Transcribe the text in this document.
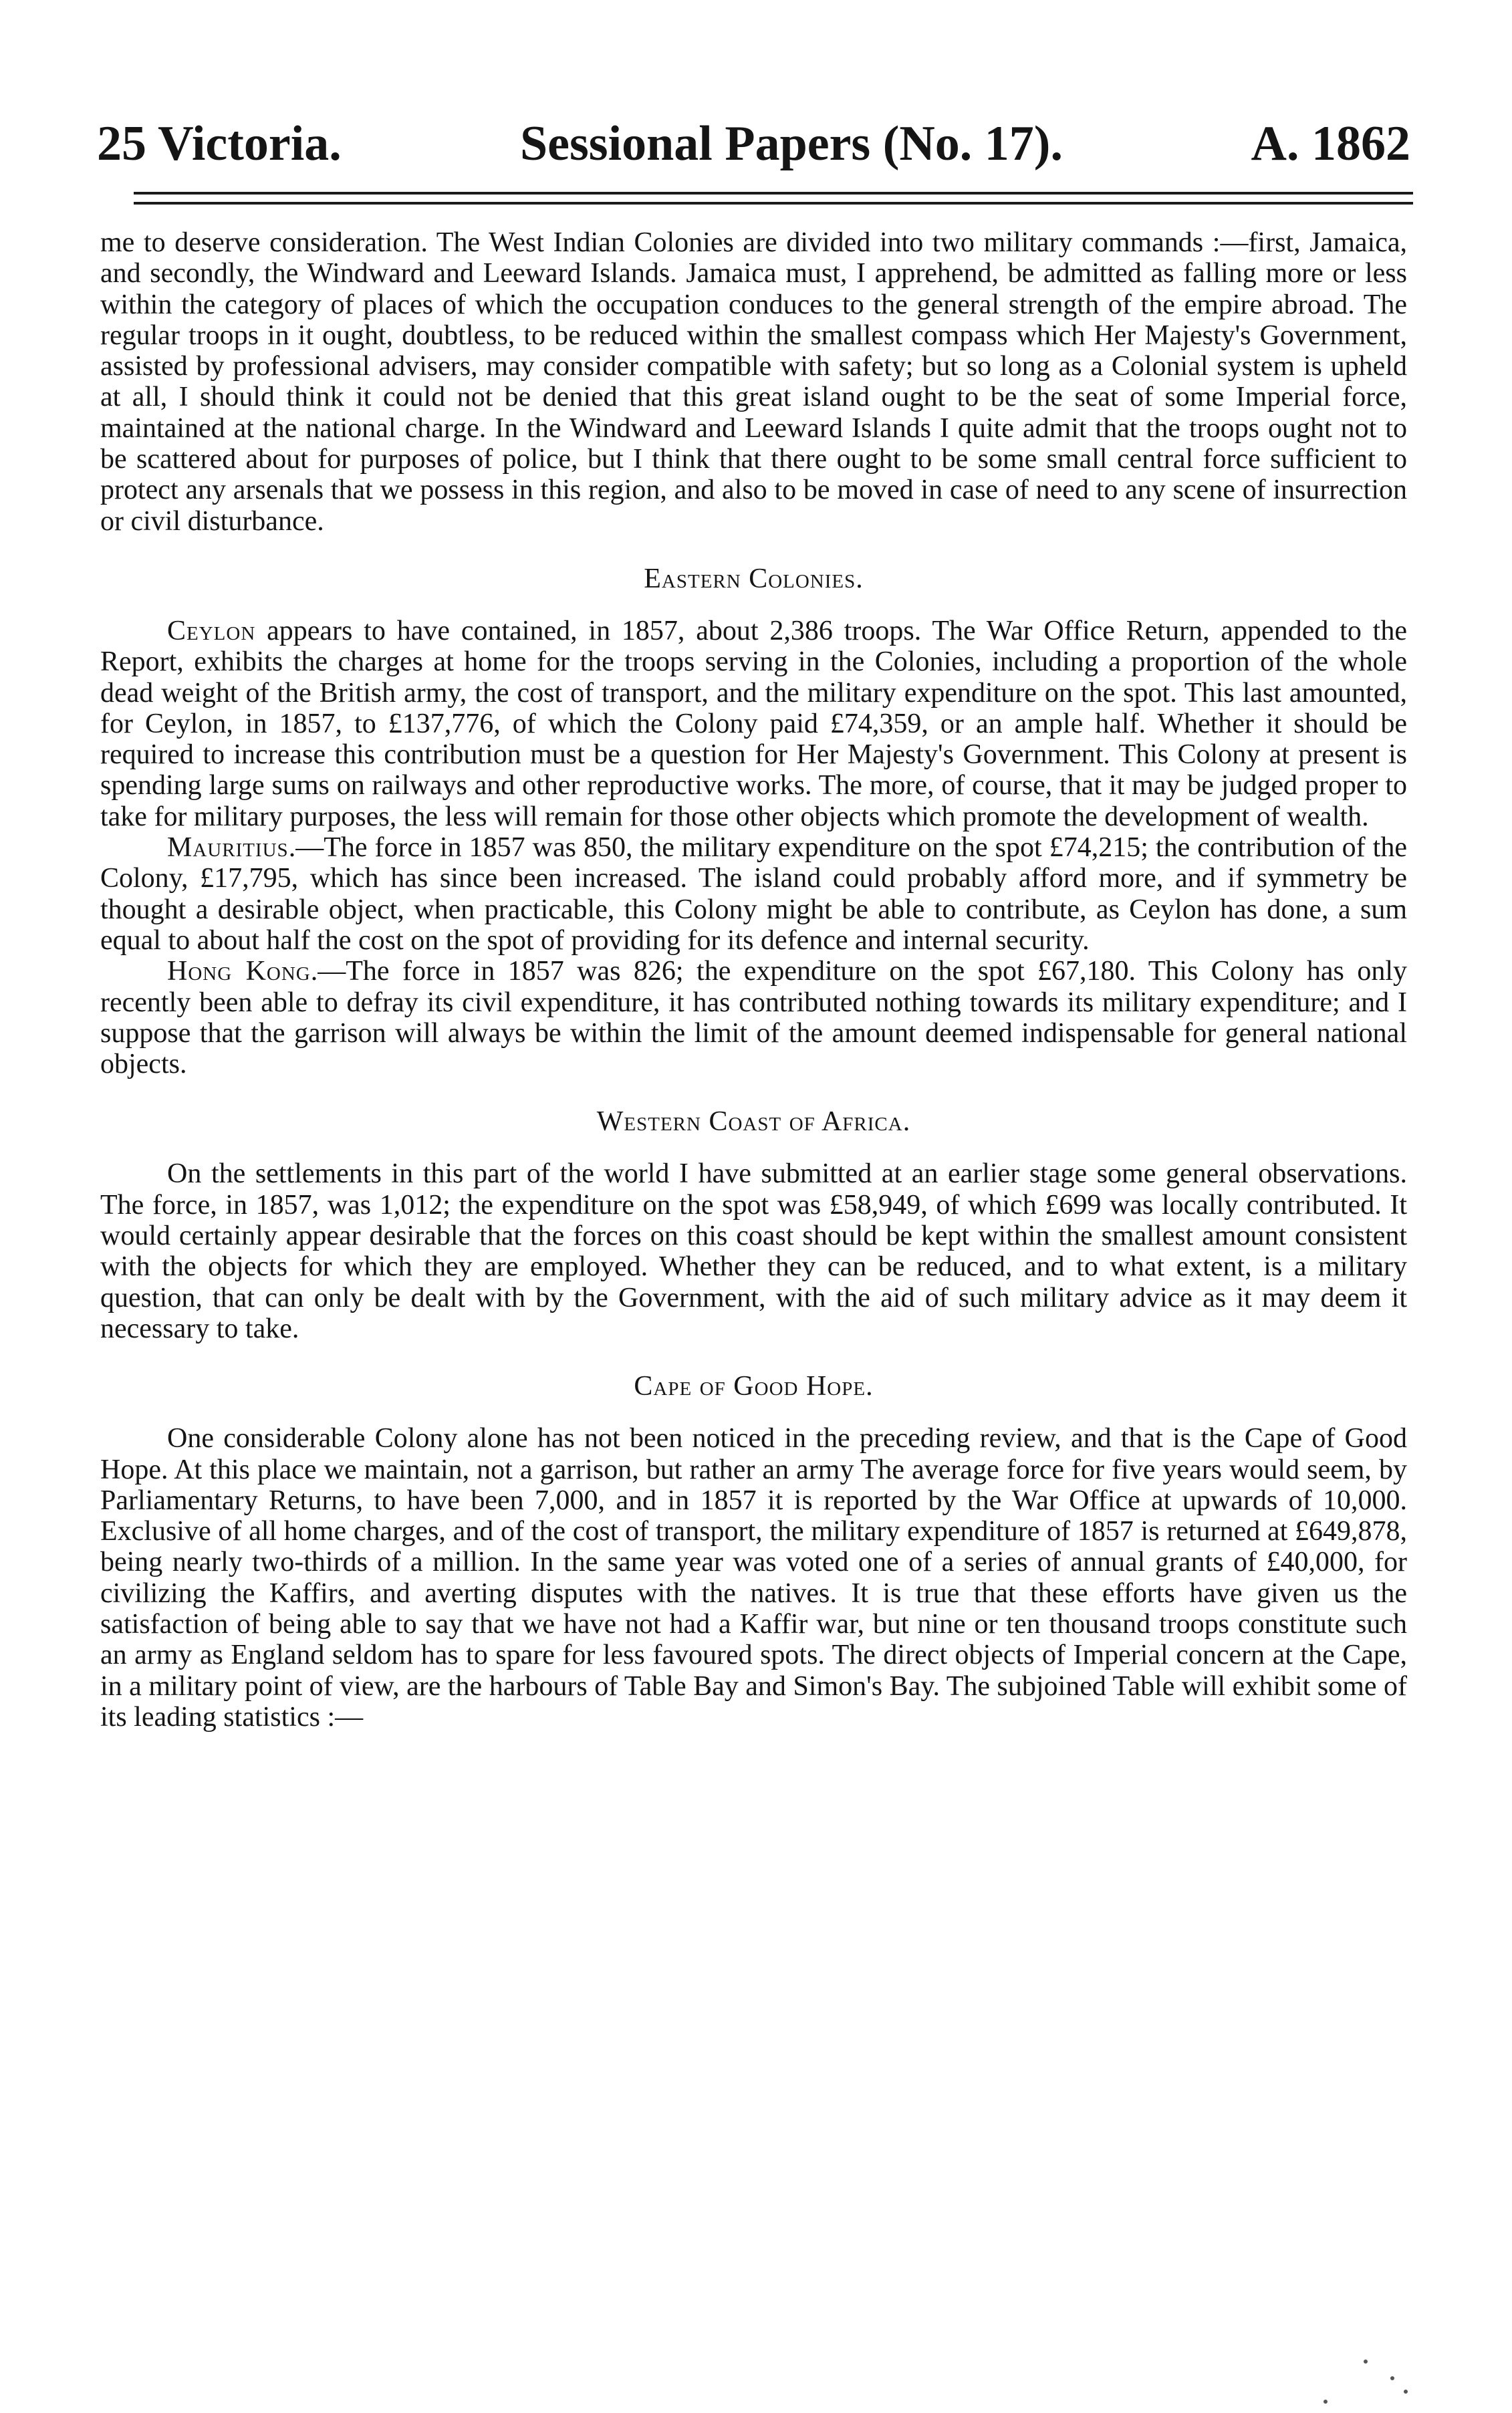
25 Victoria.	Sessional Papers (No. 17).	A. 1862

me to deserve consideration. The West Indian Colonies are divided into two military commands :—first, Jamaica, and secondly, the Windward and Leeward Islands. Jamaica must, I apprehend, be admitted as falling more or less within the category of places of which the occupation conduces to the general strength of the empire abroad. The regular troops in it ought, doubtless, to be reduced within the smallest compass which Her Majesty's Government, assisted by professional advisers, may consider compatible with safety; but so long as a Colonial system is upheld at all, I should think it could not be denied that this great island ought to be the seat of some Imperial force, maintained at the national charge. In the Windward and Leeward Islands I quite admit that the troops ought not to be scattered about for purposes of police, but I think that there ought to be some small central force sufficient to protect any arsenals that we possess in this region, and also to be moved in case of need to any scene of insurrection or civil disturbance.

Eastern Colonies.

Ceylon appears to have contained, in 1857, about 2,386 troops. The War Office Return, appended to the Report, exhibits the charges at home for the troops serving in the Colonies, including a proportion of the whole dead weight of the British army, the cost of transport, and the military expenditure on the spot. This last amounted, for Ceylon, in 1857, to £137,776, of which the Colony paid £74,359, or an ample half. Whether it should be required to increase this contribution must be a question for Her Majesty's Government. This Colony at present is spending large sums on railways and other reproductive works. The more, of course, that it may be judged proper to take for military purposes, the less will remain for those other objects which promote the development of wealth.

Mauritius.—The force in 1857 was 850, the military expenditure on the spot £74,215; the contribution of the Colony, £17,795, which has since been increased. The island could probably afford more, and if symmetry be thought a desirable object, when practicable, this Colony might be able to contribute, as Ceylon has done, a sum equal to about half the cost on the spot of providing for its defence and internal security.

Hong Kong.—The force in 1857 was 826; the expenditure on the spot £67,180. This Colony has only recently been able to defray its civil expenditure, it has contributed nothing towards its military expenditure; and I suppose that the garrison will always be within the limit of the amount deemed indispensable for general national objects.

Western Coast of Africa.

On the settlements in this part of the world I have submitted at an earlier stage some general observations. The force, in 1857, was 1,012; the expenditure on the spot was £58,949, of which £699 was locally contributed. It would certainly appear desirable that the forces on this coast should be kept within the smallest amount consistent with the objects for which they are employed. Whether they can be reduced, and to what extent, is a military question, that can only be dealt with by the Government, with the aid of such military advice as it may deem it necessary to take.

Cape of Good Hope.

One considerable Colony alone has not been noticed in the preceding review, and that is the Cape of Good Hope. At this place we maintain, not a garrison, but rather an army The average force for five years would seem, by Parliamentary Returns, to have been 7,000, and in 1857 it is reported by the War Office at upwards of 10,000. Exclusive of all home charges, and of the cost of transport, the military expenditure of 1857 is returned at £649,878, being nearly two-thirds of a million. In the same year was voted one of a series of annual grants of £40,000, for civilizing the Kaffirs, and averting disputes with the natives. It is true that these efforts have given us the satisfaction of being able to say that we have not had a Kaffir war, but nine or ten thousand troops constitute such an army as England seldom has to spare for less favoured spots. The direct objects of Imperial concern at the Cape, in a military point of view, are the harbours of Table Bay and Simon's Bay. The subjoined Table will exhibit some of its leading statistics :—
